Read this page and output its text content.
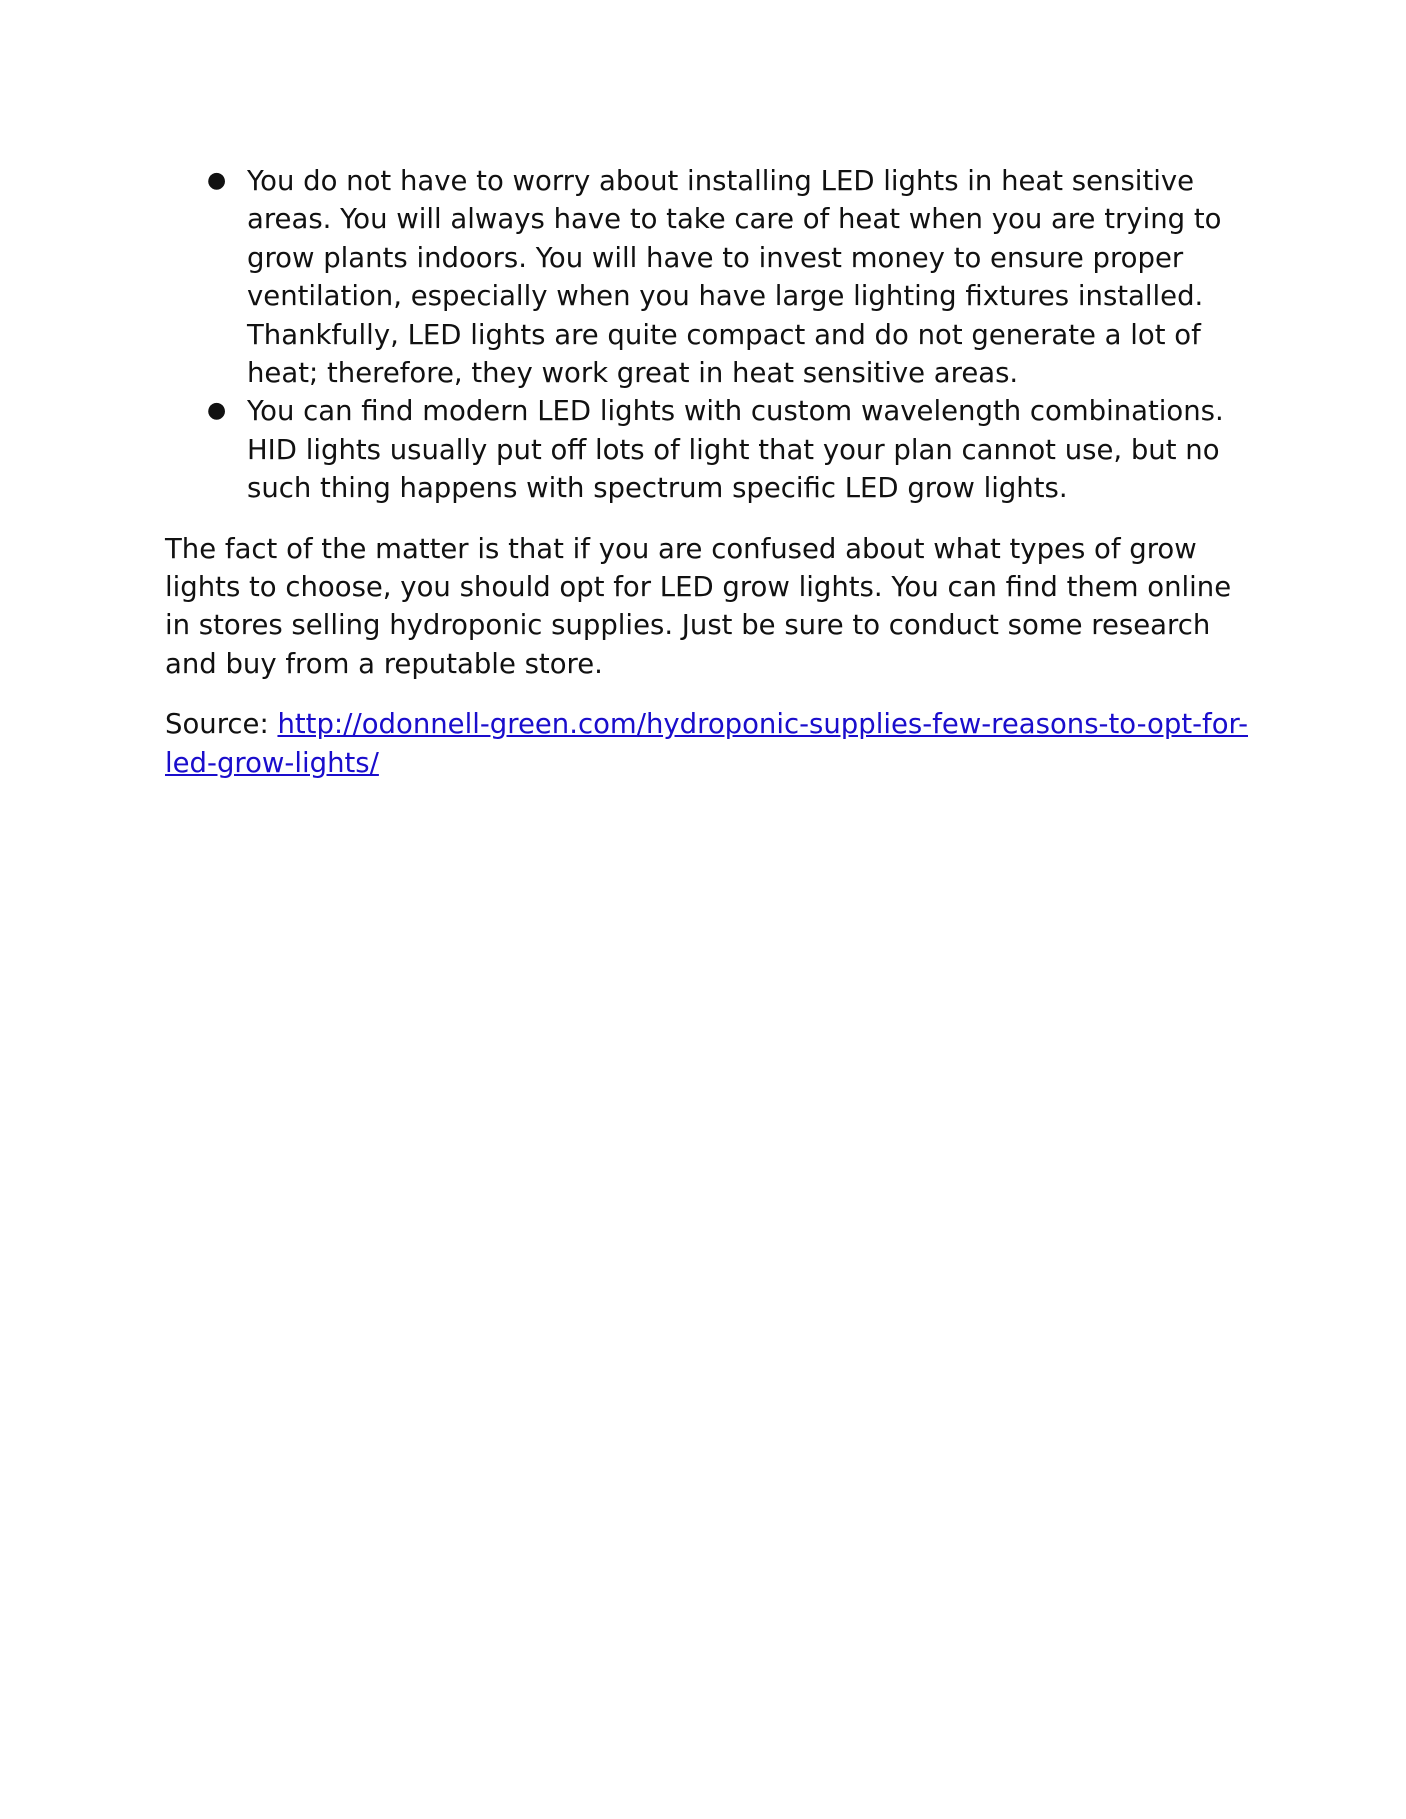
● You do not have to worry about installing LED lights in heat sensitive areas. You will always have to take care of heat when you are trying to grow plants indoors. You will have to invest money to ensure proper ventilation, especially when you have large lighting fixtures installed. Thankfully, LED lights are quite compact and do not generate a lot of heat; therefore, they work great in heat sensitive areas.
● You can find modern LED lights with custom wavelength combinations. HID lights usually put off lots of light that your plan cannot use, but no such thing happens with spectrum specific LED grow lights.

The fact of the matter is that if you are confused about what types of grow lights to choose, you should opt for LED grow lights. You can find them online in stores selling hydroponic supplies. Just be sure to conduct some research and buy from a reputable store.

Source: http://odonnell-green.com/hydroponic-supplies-few-reasons-to-opt-for-led-grow-lights/
